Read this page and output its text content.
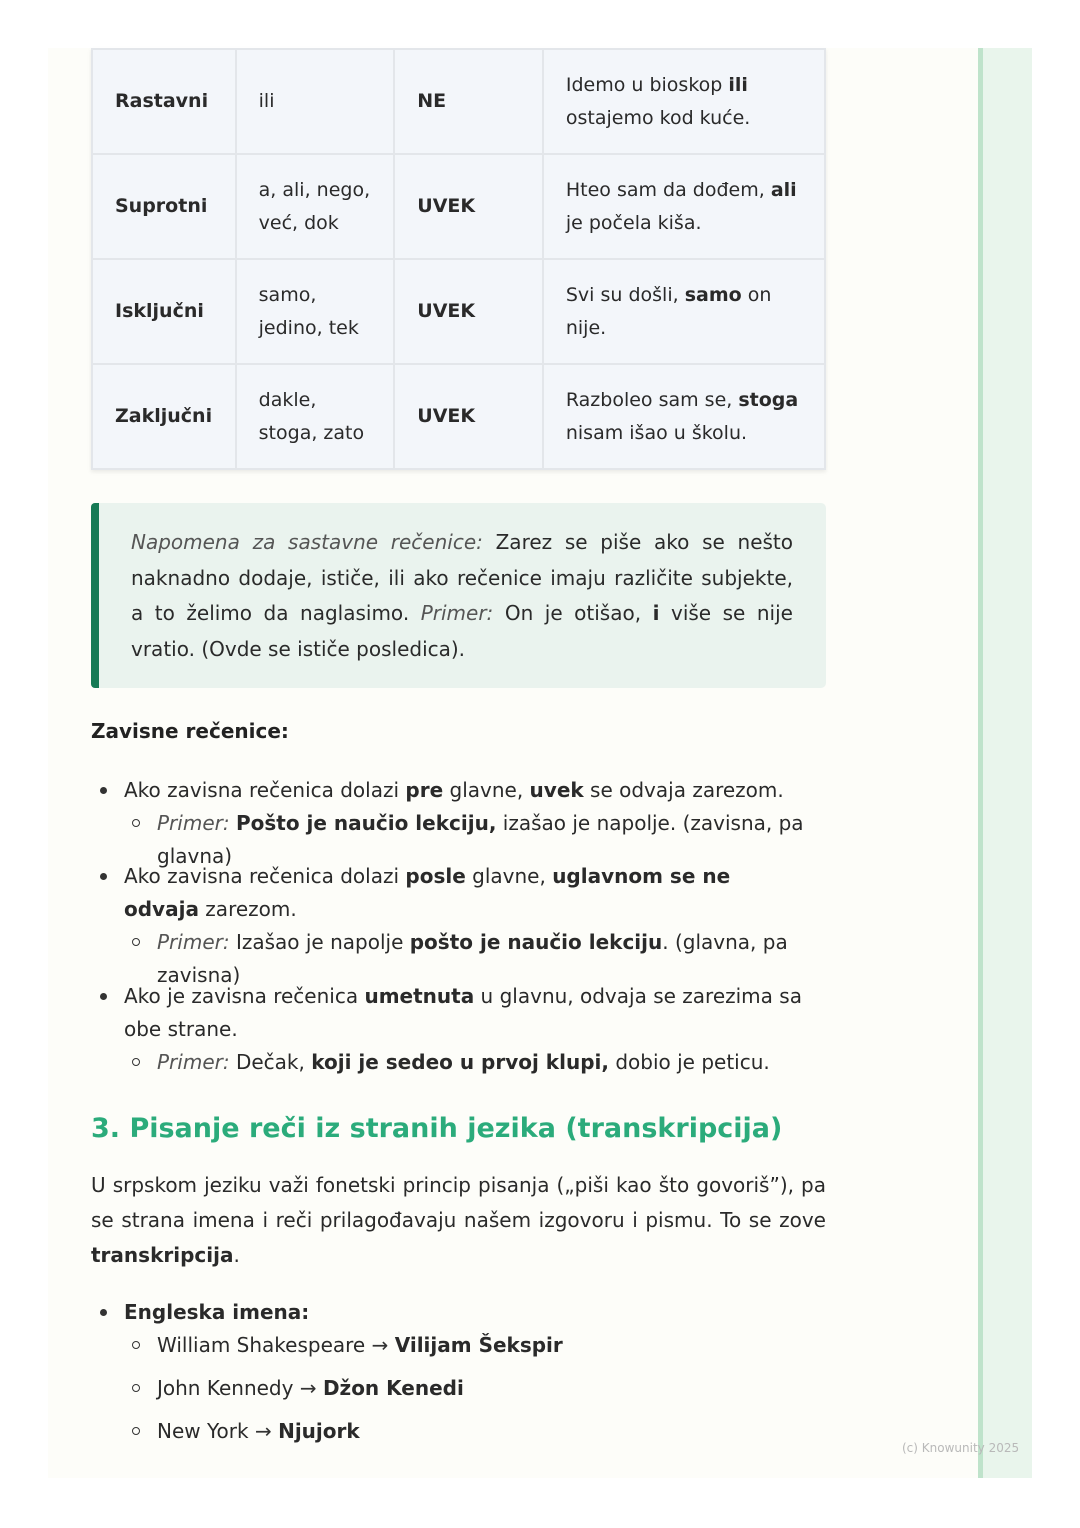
Rastavni	ili	NE	Idemo u bioskop ili ostajemo kod kuće.
Suprotni	a, ali, nego, već, dok	UVEK	Hteo sam da dođem, ali je počela kiša.
Isključni	samo, jedino, tek	UVEK	Svi su došli, samo on nije.
Zaključni	dakle, stoga, zato	UVEK	Razboleo sam se, stoga nisam išao u školu.
Napomena za sastavne rečenice: Zarez se piše ako se nešto naknadno dodaje, ističe, ili ako rečenice imaju različite subjekte, a to želimo da naglasimo. Primer: On je otišao, i više se nije vratio. (Ovde se ističe posledica).
Zavisne rečenice:
Ako zavisna rečenica dolazi pre glavne, uvek se odvaja zarezom.
Primer: Pošto je naučio lekciju, izašao je napolje. (zavisna, pa glavna)
Ako zavisna rečenica dolazi posle glavne, uglavnom se ne odvaja zarezom.
Primer: Izašao je napolje pošto je naučio lekciju. (glavna, pa zavisna)
Ako je zavisna rečenica umetnuta u glavnu, odvaja se zarezima sa obe strane.
Primer: Dečak, koji je sedeo u prvoj klupi, dobio je peticu.
3. Pisanje reči iz stranih jezika (transkripcija)
U srpskom jeziku važi fonetski princip pisanja („piši kao što govoriš”), pa se strana imena i reči prilagođavaju našem izgovoru i pismu. To se zove transkripcija.
Engleska imena:
William Shakespeare → Vilijam Šekspir
John Kennedy → Džon Kenedi
New York → Njujork
(c) Knowunity 2025
